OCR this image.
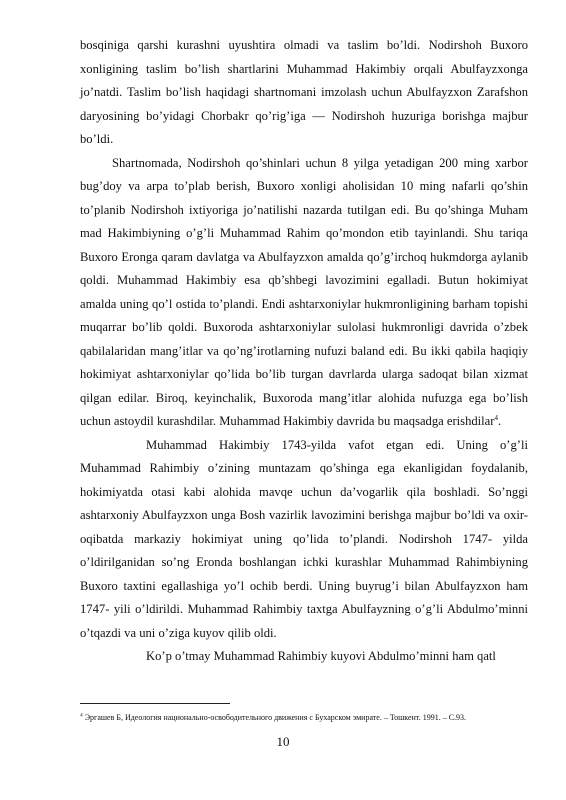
bosqiniga qarshi kurashni uyushtira olmadi va taslim bo’ldi. Nodirshoh Buxoro xonligining taslim bo’lish shartlarini Muhammad Hakimbiy orqali Abulfayzxonga jo’natdi. Taslim bo’lish haqidagi shartnomani imzolash uchun Abulfayzxon Zarafshon daryosining bo’yidagi Chorbakr qo’rig’iga — Nodirshoh huzuriga borishga majbur bo’ldi.

Shartnomada, Nodirshoh qo’shinlari uchun 8 yilga yetadigan 200 ming xarbor bug’doy va arpa to’plab berish, Buxoro xonligi aholisidan 10 ming nafarli qo’shin to’planib Nodirshoh ixtiyoriga jo’natilishi nazarda tutilgan edi. Bu qo’shinga Muham mad Hakimbiyning o’g’li Muhammad Rahim qo’mondon etib tayinlandi. Shu tariqa Buxoro Eronga qaram davlatga va Abulfayzxon amalda qo’g’irchoq hukmdorga aylanib qoldi. Muhammad Hakimbiy esa qb’shbegi lavozimini egalladi. Butun hokimiyat amalda uning qo’l ostida to’plandi. Endi ashtarxoniylar hukmronligining barham topishi muqarrar bo’lib qoldi. Buxoroda ashtarxoniylar sulolasi hukmronligi davrida o’zbek qabilalaridan mang’itlar va qo’ng’irotlarning nufuzi baland edi. Bu ikki qabila haqiqiy hokimiyat ashtarxoniylar qo’lida bo’lib turgan davrlarda ularga sadoqat bilan xizmat qilgan edilar. Biroq, keyinchalik, Buxoroda mang’itlar alohida nufuzga ega bo’lish uchun astoydil kurashdilar. Muhammad Hakimbiy davrida bu maqsadga erishdilar$^4$.

Muhammad Hakimbiy 1743-yilda vafot etgan edi. Uning o’g’li Muhammad Rahimbiy o’zining muntazam qo’shinga ega ekanligidan foydalanib, hokimiyatda otasi kabi alohida mavqe uchun da’vogarlik qila boshladi. So’nggi ashtarxoniy Abulfayzxon unga Bosh vazirlik lavozimini berishga majbur bo’ldi va oxir-oqibatda markaziy hokimiyat uning qo’lida to’plandi. Nodirshoh 1747- yilda o’ldirilganidan so’ng Eronda boshlangan ichki kurashlar Muhammad Rahimbiyning Buxoro taxtini egallashiga yo’l ochib berdi. Uning buyrug’i bilan Abulfayzxon ham 1747- yili o’ldirildi. Muhammad Rahimbiy taxtga Abulfayzning o’g’li Abdulmo’minni o’tqazdi va uni o’ziga kuyov qilib oldi.

Ko’p o’tmay Muhammad Rahimbiy kuyovi Abdulmo’minni ham qatl

$^4$ Эргашев Б, Идеология национально-освободительного движения с Бухарском эмирате. – Тошкент. 1991. – С.93.
10
